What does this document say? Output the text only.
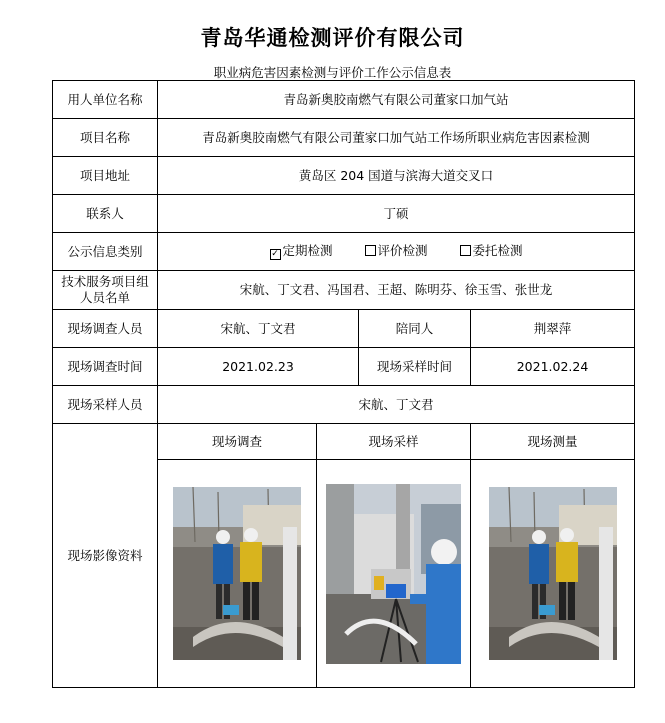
青岛华通检测评价有限公司
职业病危害因素检测与评价工作公示信息表
用人单位名称	青岛新奥胶南燃气有限公司董家口加气站			
项目名称	青岛新奥胶南燃气有限公司董家口加气站工作场所职业病危害因素检测			
项目地址	黄岛区 204 国道与滨海大道交叉口			
联系人	丁硕			
公示信息类别	✓ 定期检测 评价检测 委托检测			
技术服务项目组人员名单	宋航、丁文君、冯国君、王超、陈明芬、徐玉雪、张世龙			
现场调查人员	宋航、丁文君		陪同人	荆翠萍
现场调查时间	2021.02.23		现场采样时间	2021.02.24
现场采样人员	宋航、丁文君			
现场影像资料	现场调查	现场采样		现场测量
